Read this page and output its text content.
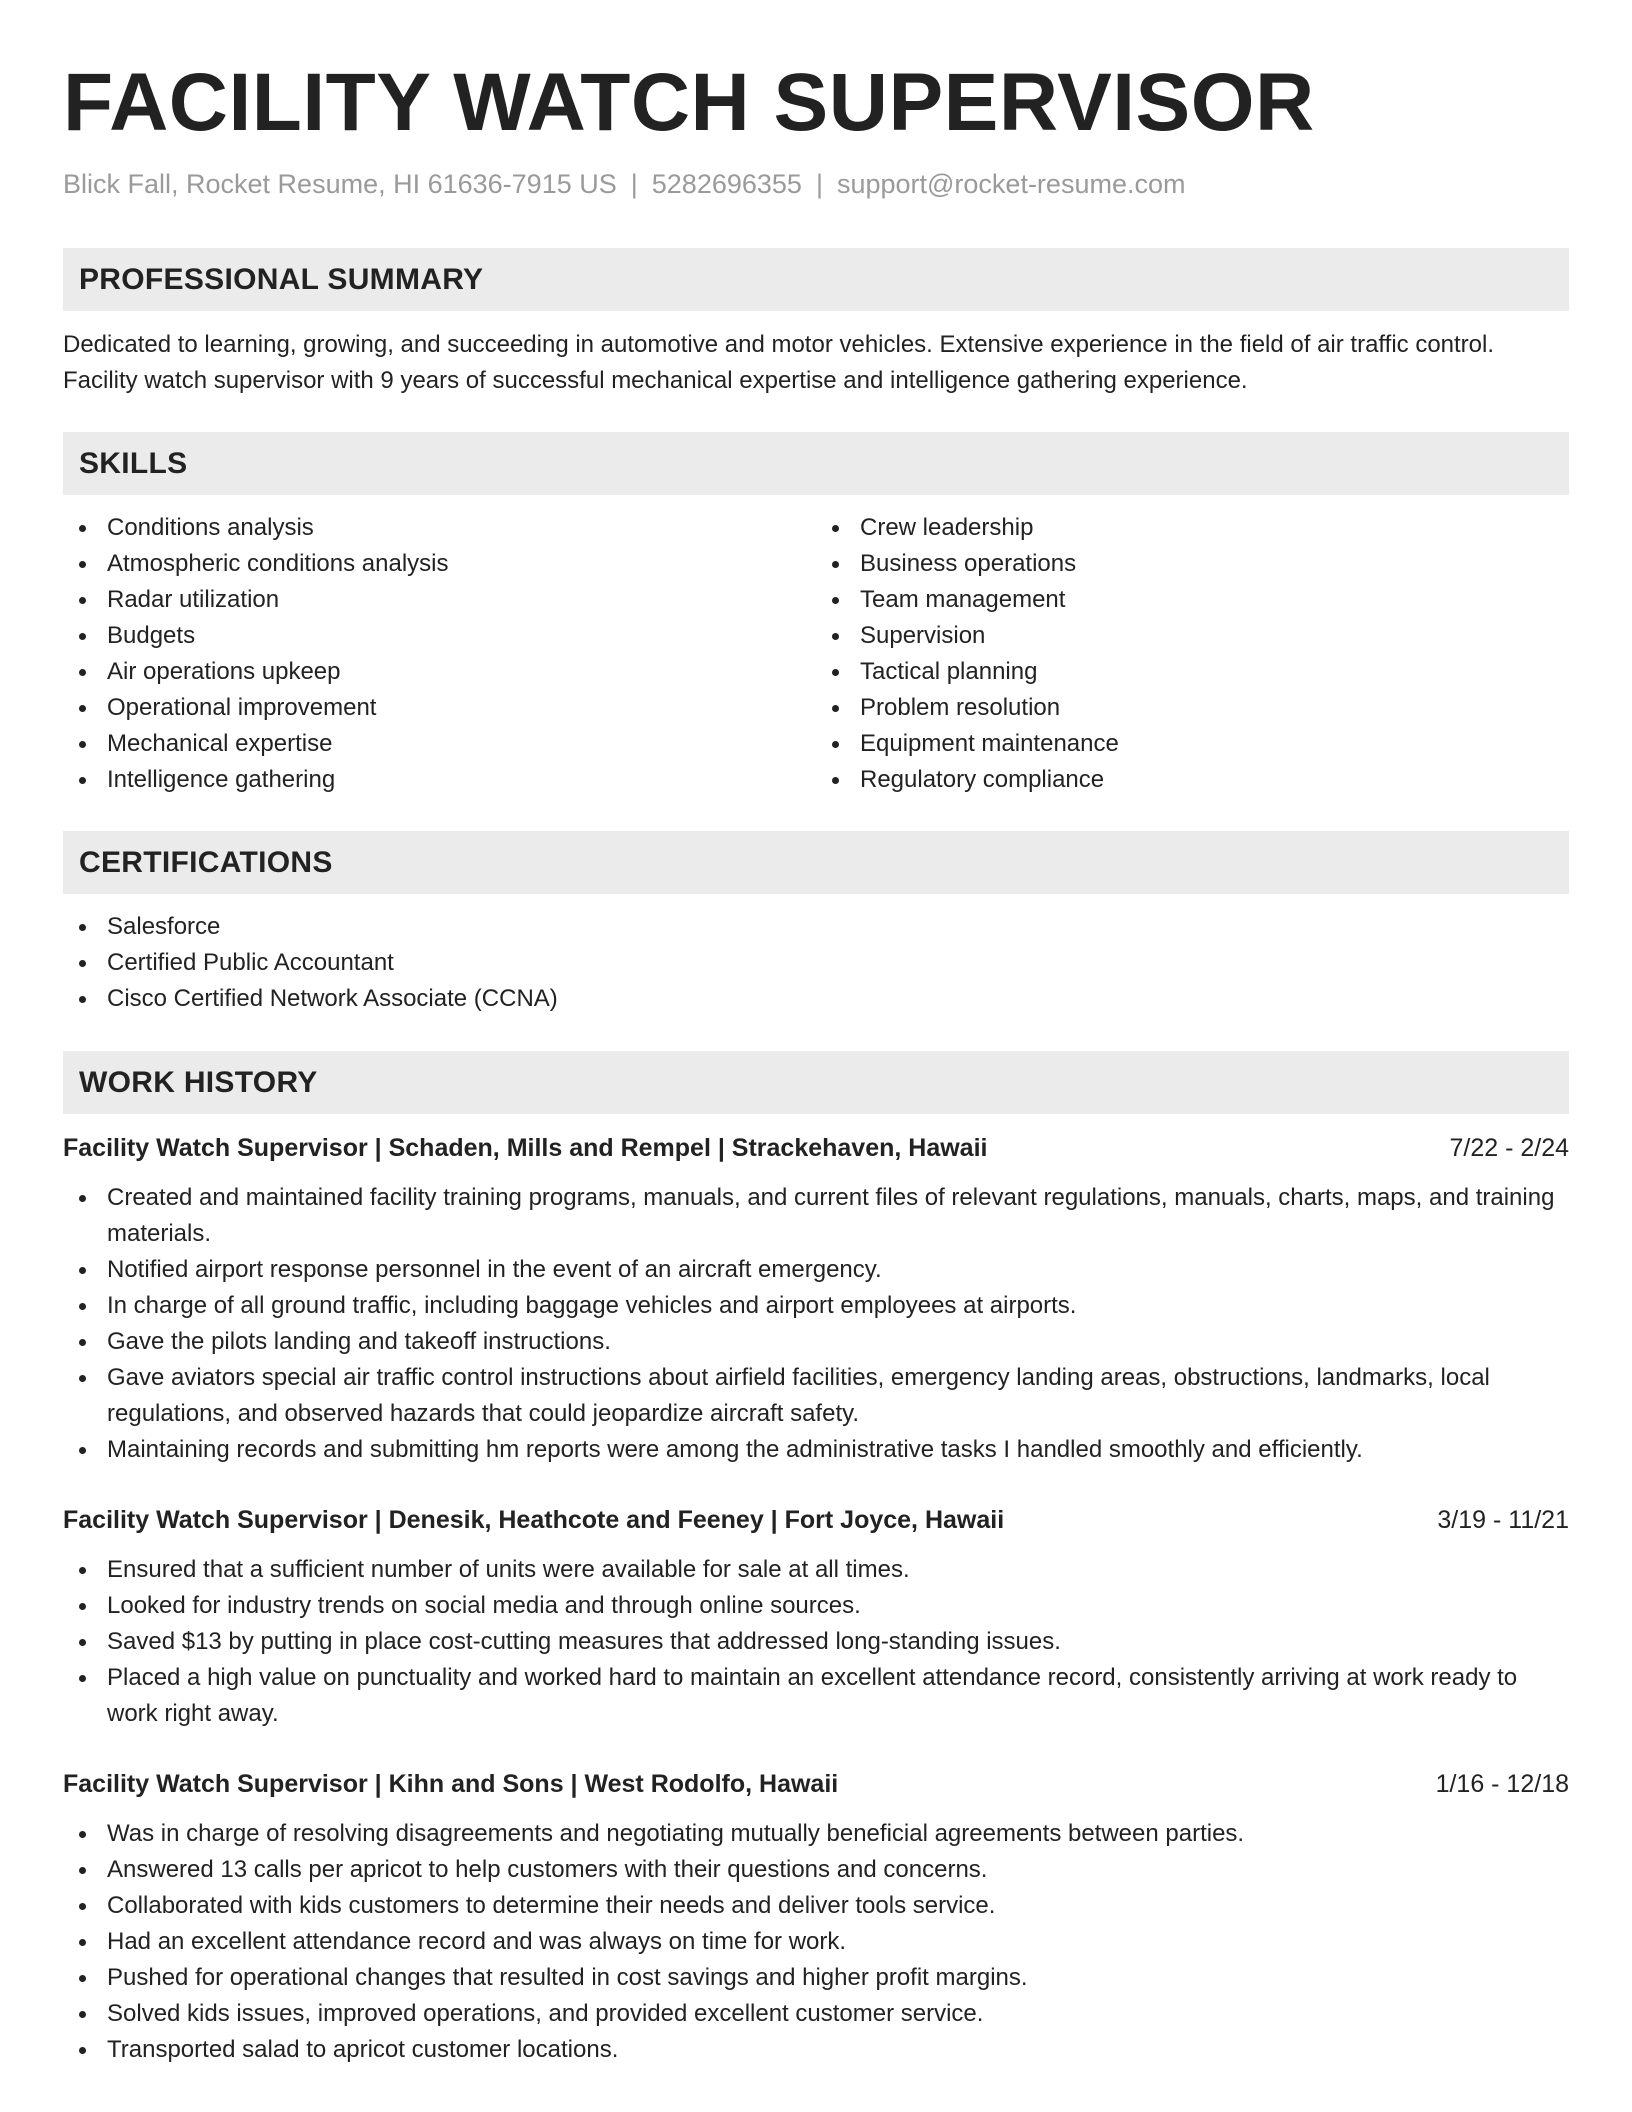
FACILITY WATCH SUPERVISOR
Blick Fall, Rocket Resume, HI 61636-7915 US | 5282696355 | support@rocket-resume.com
PROFESSIONAL SUMMARY

Dedicated to learning, growing, and succeeding in automotive and motor vehicles. Extensive experience in the field of air traffic control. Facility watch supervisor with 9 years of successful mechanical expertise and intelligence gathering experience.

SKILLS
Conditions analysis
Atmospheric conditions analysis
Radar utilization
Budgets
Air operations upkeep
Operational improvement
Mechanical expertise
Intelligence gathering
Crew leadership
Business operations
Team management
Supervision
Tactical planning
Problem resolution
Equipment maintenance
Regulatory compliance
CERTIFICATIONS
Salesforce
Certified Public Accountant
Cisco Certified Network Associate (CCNA)
WORK HISTORY
Facility Watch Supervisor | Schaden, Mills and Rempel | Strackehaven, Hawaii	7/22 - 2/24
Created and maintained facility training programs, manuals, and current files of relevant regulations, manuals, charts, maps, and training materials.
Notified airport response personnel in the event of an aircraft emergency.
In charge of all ground traffic, including baggage vehicles and airport employees at airports.
Gave the pilots landing and takeoff instructions.
Gave aviators special air traffic control instructions about airfield facilities, emergency landing areas, obstructions, landmarks, local regulations, and observed hazards that could jeopardize aircraft safety.
Maintaining records and submitting hm reports were among the administrative tasks I handled smoothly and efficiently.
Facility Watch Supervisor | Denesik, Heathcote and Feeney | Fort Joyce, Hawaii	3/19 - 11/21
Ensured that a sufficient number of units were available for sale at all times.
Looked for industry trends on social media and through online sources.
Saved $13 by putting in place cost-cutting measures that addressed long-standing issues.
Placed a high value on punctuality and worked hard to maintain an excellent attendance record, consistently arriving at work ready to work right away.
Facility Watch Supervisor | Kihn and Sons | West Rodolfo, Hawaii	1/16 - 12/18
Was in charge of resolving disagreements and negotiating mutually beneficial agreements between parties.
Answered 13 calls per apricot to help customers with their questions and concerns.
Collaborated with kids customers to determine their needs and deliver tools service.
Had an excellent attendance record and was always on time for work.
Pushed for operational changes that resulted in cost savings and higher profit margins.
Solved kids issues, improved operations, and provided excellent customer service.
Transported salad to apricot customer locations.
